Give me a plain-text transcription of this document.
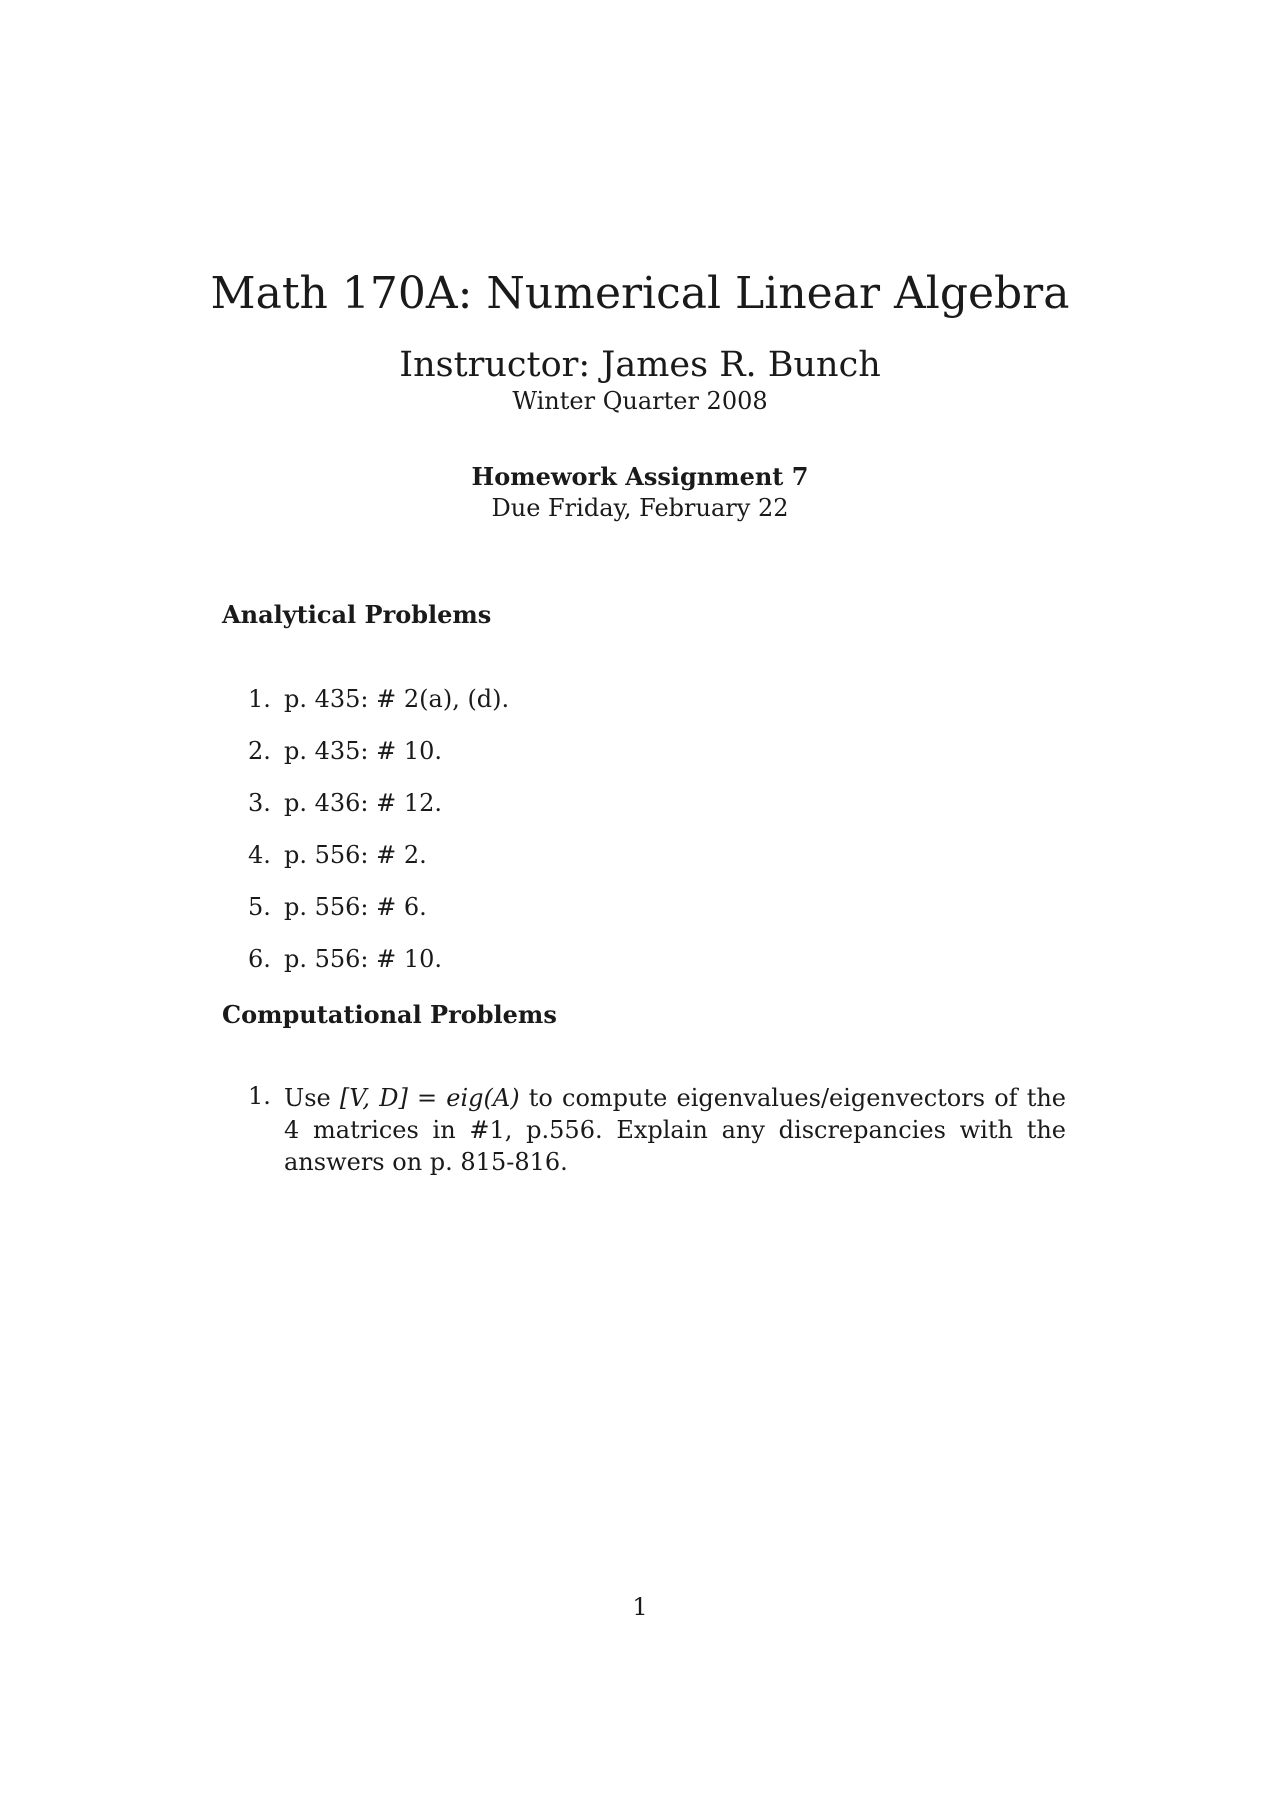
Math 170A: Numerical Linear Algebra
Instructor: James R. Bunch
Winter Quarter 2008
Homework Assignment 7
Due Friday, February 22
Analytical Problems
1. p. 435: # 2(a), (d).
2. p. 435: # 10.
3. p. 436: # 12.
4. p. 556: # 2.
5. p. 556: # 6.
6. p. 556: # 10.
Computational Problems
1. Use [V, D] = eig(A) to compute eigenvalues/eigenvectors of the 4 matrices in #1, p.556. Explain any discrepancies with the answers on p. 815-816.
1
